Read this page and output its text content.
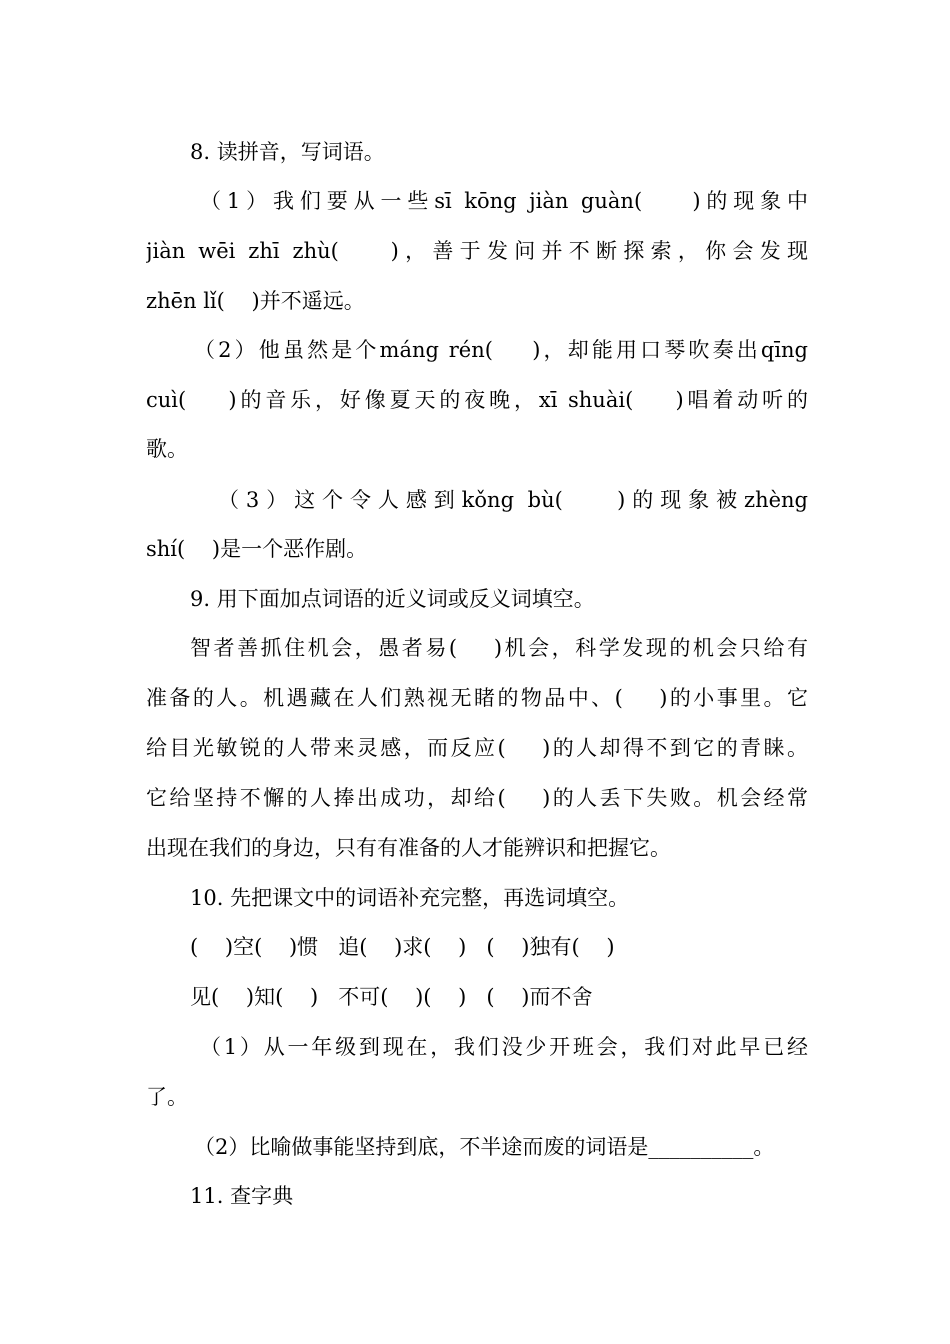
8. 读拼音，写词语。
（1）我们要从一些sī kōng jiàn guàn(    )的现象中
jiàn wēi zhī zhù(    )，善于发问并不断探索，你会发现
zhēn lǐ(    )并不遥远。
（2）他虽然是个máng rén(    )，却能用口琴吹奏出qīng
cuì(    )的音乐，好像夏天的夜晚，xī shuài(    )唱着动听的
歌。
（3）这个令人感到kǒng bù(    )的现象被zhèng
shí(    )是一个恶作剧。
9. 用下面加点词语的近义词或反义词填空。
智者善抓住机会，愚者易(    )机会，科学发现的机会只给有
准备的人。机遇藏在人们熟视无睹的物品中、(    )的小事里。它
给目光敏锐的人带来灵感，而反应(    )的人却得不到它的青睐。
它给坚持不懈的人捧出成功，却给(    )的人丢下失败。机会经常
出现在我们的身边，只有有准备的人才能辨识和把握它。
10. 先把课文中的词语补充完整，再选词填空。
(    )空(    )惯   追(    )求(    )   (    )独有(    )
见(    )知(    )   不可(    )(    )   (    )而不舍
（1）从一年级到现在，我们没少开班会，我们对此早已经
了。
（2）比喻做事能坚持到底，不半途而废的词语是__________。
11. 查字典
